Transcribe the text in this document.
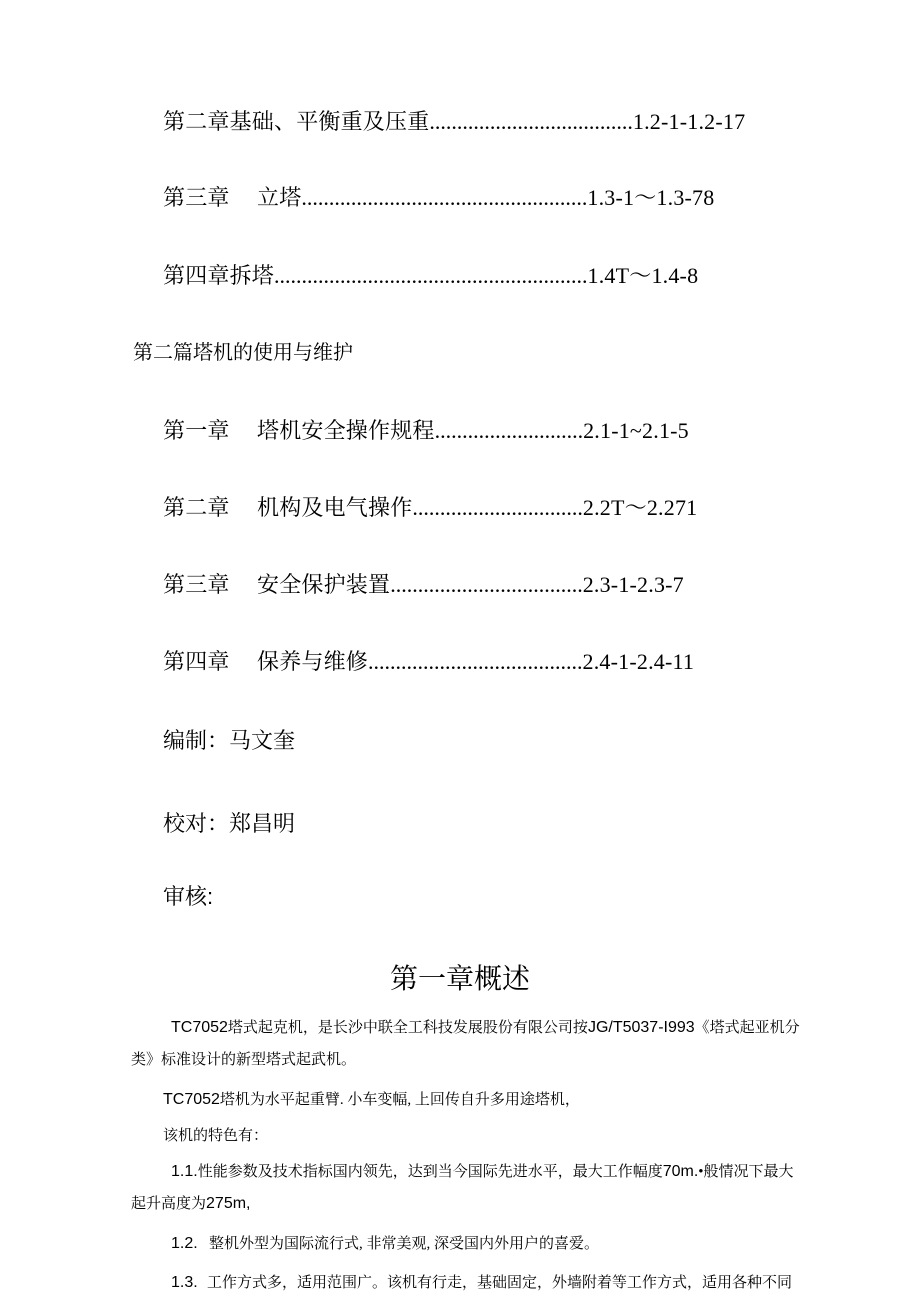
第二章基础、平衡重及压重.....................................1.2-1-1.2-17
第三章 立塔....................................................1.3-1～1.3-78
第四章拆塔.........................................................1.4T～1.4-8
第二篇塔机的使用与维护
第一章 塔机安全操作规程...........................2.1-1~2.1-5
第二章 机构及电气操作...............................2.2T～2.271
第三章 安全保护装置...................................2.3-1-2.3-7
第四章 保养与维修.......................................2.4-1-2.4-11
编制：马文奎
校对：郑昌明
审核:
第一章概述
TC7052塔式起克机，是长沙中联全工科技发展股份有限公司按JG/T5037-I993《塔式起亚机分
类》标准设计的新型塔式起武机。
TC7052塔机为水平起重臂. 小车变幅, 上回传自升多用途塔机，
该机的特色有：
1.1.性能参数及技术指标国内领先，达到当今国际先进水平，最大工作幅度70m.•般情况下最大
起升高度为275m,
1.2. 整机外型为国际流行式, 非常美观, 深受国内外用户的喜爱。
1.3. 工作方式多，适用范围广。该机有行走，基础固定，外墙附着等工作方式，适用各种不同
